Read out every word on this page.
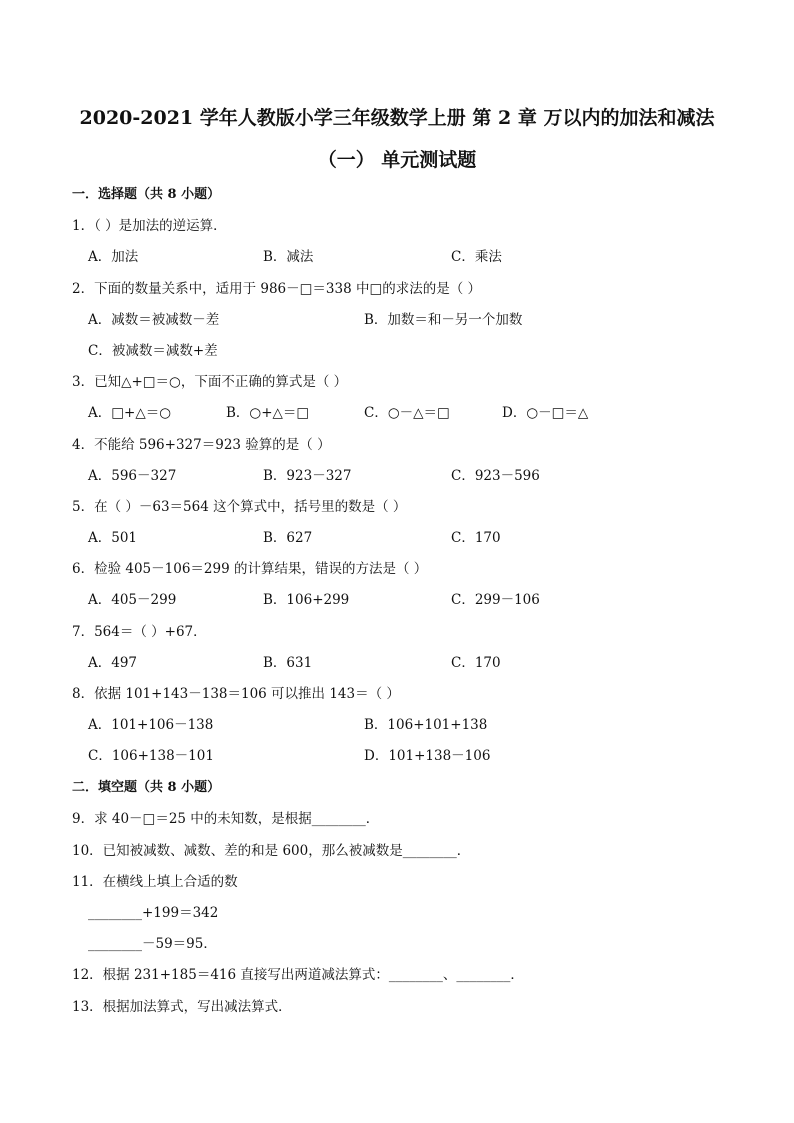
2020-2021 学年人教版小学三年级数学上册 第 2 章 万以内的加法和减法
（一） 单元测试题
一．选择题（共 8 小题）
1．（ ）是加法的逆运算．
A．加法	B．减法	C．乘法
2．下面的数量关系中，适用于 986－□＝338 中□的求法的是（ ）
A．减数＝被减数－差	B．加数＝和－另一个加数
C．被减数＝减数+差
3．已知△+□＝○，下面不正确的算式是（ ）
A．□+△＝○	B．○+△＝□	C．○－△＝□	D．○－□＝△
4．不能给 596+327＝923 验算的是（ ）
A．596－327	B．923－327	C．923－596
5．在（ ）－63＝564 这个算式中，括号里的数是（ ）
A．501	B．627	C．170
6．检验 405－106＝299 的计算结果，错误的方法是（ ）
A．405－299	B．106+299	C．299－106
7．564＝（ ）+67．
A．497	B．631	C．170
8．依据 101+143－138＝106 可以推出 143＝（ ）
A．101+106－138	B．106+101+138
C．106+138－101	D．101+138－106
二．填空题（共 8 小题）
9．求 40－□＝25 中的未知数，是根据________．
10．已知被减数、减数、差的和是 600，那么被减数是________．
11．在横线上填上合适的数
________+199＝342
________－59＝95．
12．根据 231+185＝416 直接写出两道减法算式：________、________．
13．根据加法算式，写出减法算式．
